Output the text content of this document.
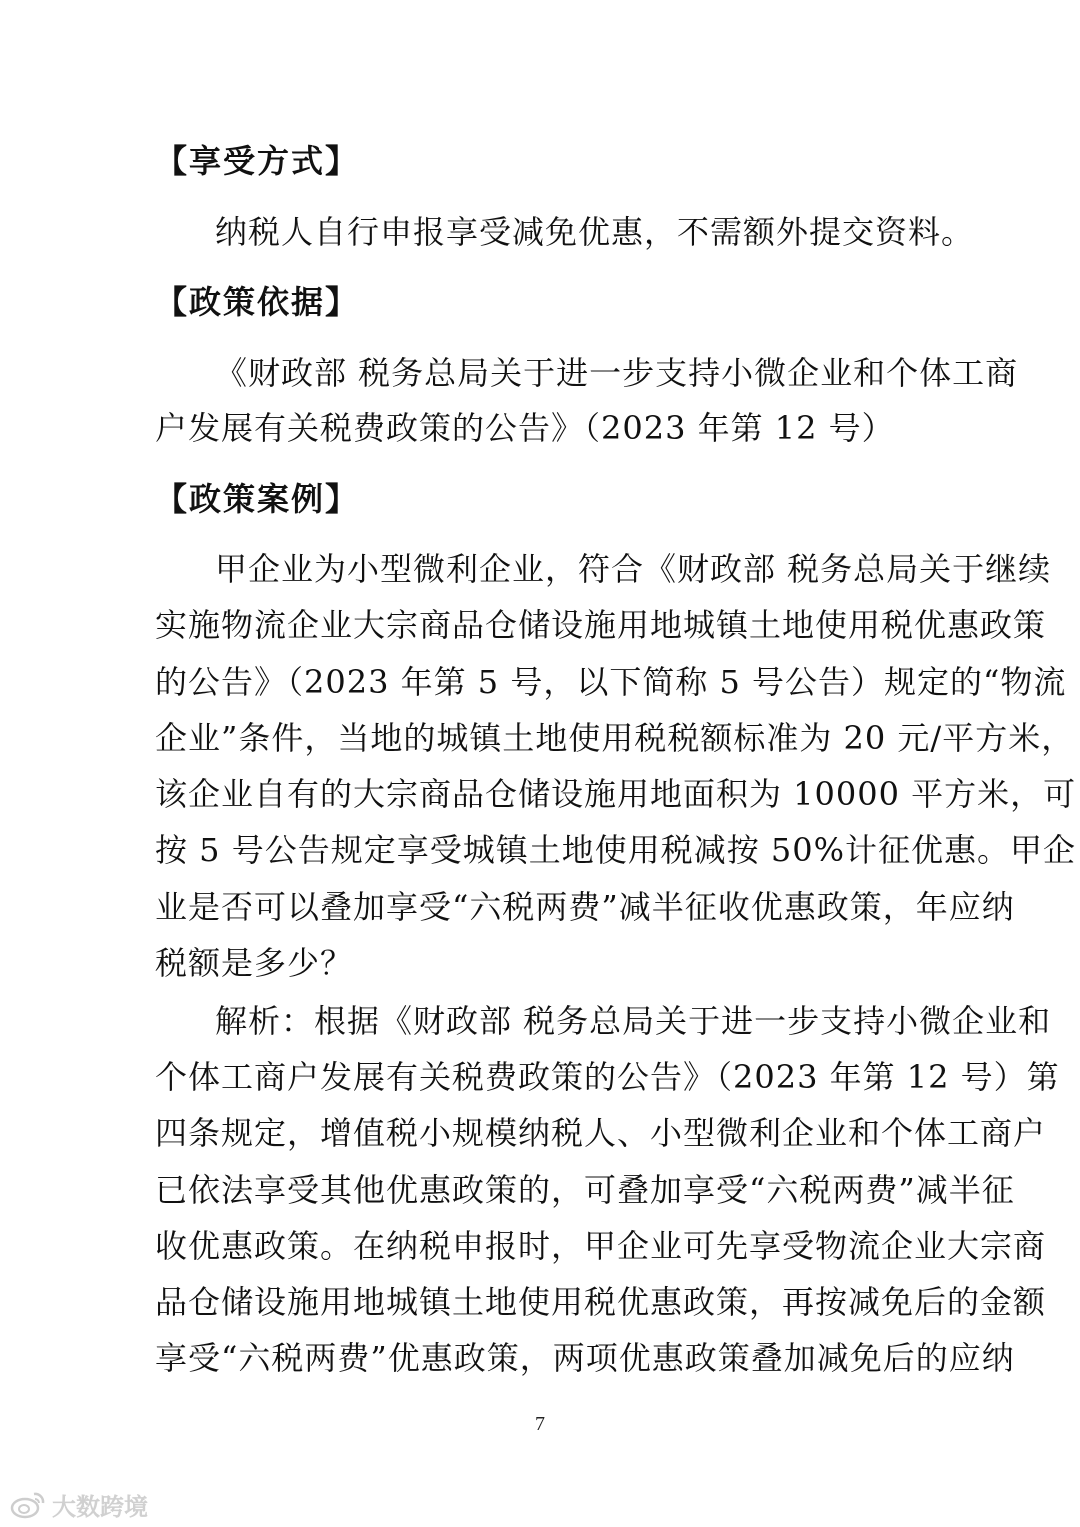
【享受方式】
纳税人自行申报享受减免优惠，不需额外提交资料。
【政策依据】
《财政部 税务总局关于进一步支持小微企业和个体工商
户发展有关税费政策的公告》（2023 年第 12 号）
【政策案例】
甲企业为小型微利企业，符合《财政部 税务总局关于继续
实施物流企业大宗商品仓储设施用地城镇土地使用税优惠政策
的公告》（2023 年第 5 号，以下简称 5 号公告）规定的“物流
企业”条件，当地的城镇土地使用税税额标准为 20 元/平方米，
该企业自有的大宗商品仓储设施用地面积为 10000 平方米，可
按 5 号公告规定享受城镇土地使用税减按 50%计征优惠。甲企
业是否可以叠加享受“六税两费”减半征收优惠政策，年应纳
税额是多少？
解析：根据《财政部 税务总局关于进一步支持小微企业和
个体工商户发展有关税费政策的公告》（2023 年第 12 号）第
四条规定，增值税小规模纳税人、小型微利企业和个体工商户
已依法享受其他优惠政策的，可叠加享受“六税两费”减半征
收优惠政策。在纳税申报时，甲企业可先享受物流企业大宗商
品仓储设施用地城镇土地使用税优惠政策，再按减免后的金额
享受“六税两费”优惠政策，两项优惠政策叠加减免后的应纳
7
大数跨境
